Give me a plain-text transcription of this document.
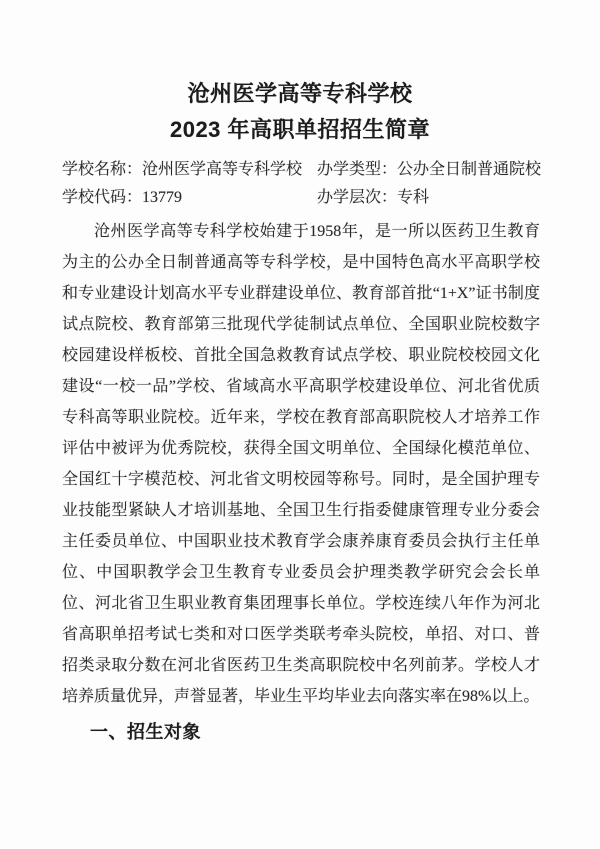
沧州医学高等专科学校
2023 年高职单招招生简章
学校名称：沧州医学高等专科学校 办学类型：公办全日制普通院校
学校代码：13779	办学层次：专科
沧州医学高等专科学校始建于1958年，是一所以医药卫生教育为主的公办全日制普通高等专科学校，是中国特色高水平高职学校和专业建设计划高水平专业群建设单位、教育部首批“1+X”证书制度试点院校、教育部第三批现代学徒制试点单位、全国职业院校数字校园建设样板校、首批全国急救教育试点学校、职业院校校园文化建设“一校一品”学校、省域高水平高职学校建设单位、河北省优质专科高等职业院校。近年来，学校在教育部高职院校人才培养工作评估中被评为优秀院校，获得全国文明单位、全国绿化模范单位、全国红十字模范校、河北省文明校园等称号。同时，是全国护理专业技能型紧缺人才培训基地、全国卫生行指委健康管理专业分委会主任委员单位、中国职业技术教育学会康养康育委员会执行主任单位、中国职教学会卫生教育专业委员会护理类教学研究会会长单位、河北省卫生职业教育集团理事长单位。学校连续八年作为河北省高职单招考试七类和对口医学类联考牵头院校，单招、对口、普招类录取分数在河北省医药卫生类高职院校中名列前茅。学校人才培养质量优异，声誉显著，毕业生平均毕业去向落实率在98%以上。
一、招生对象
